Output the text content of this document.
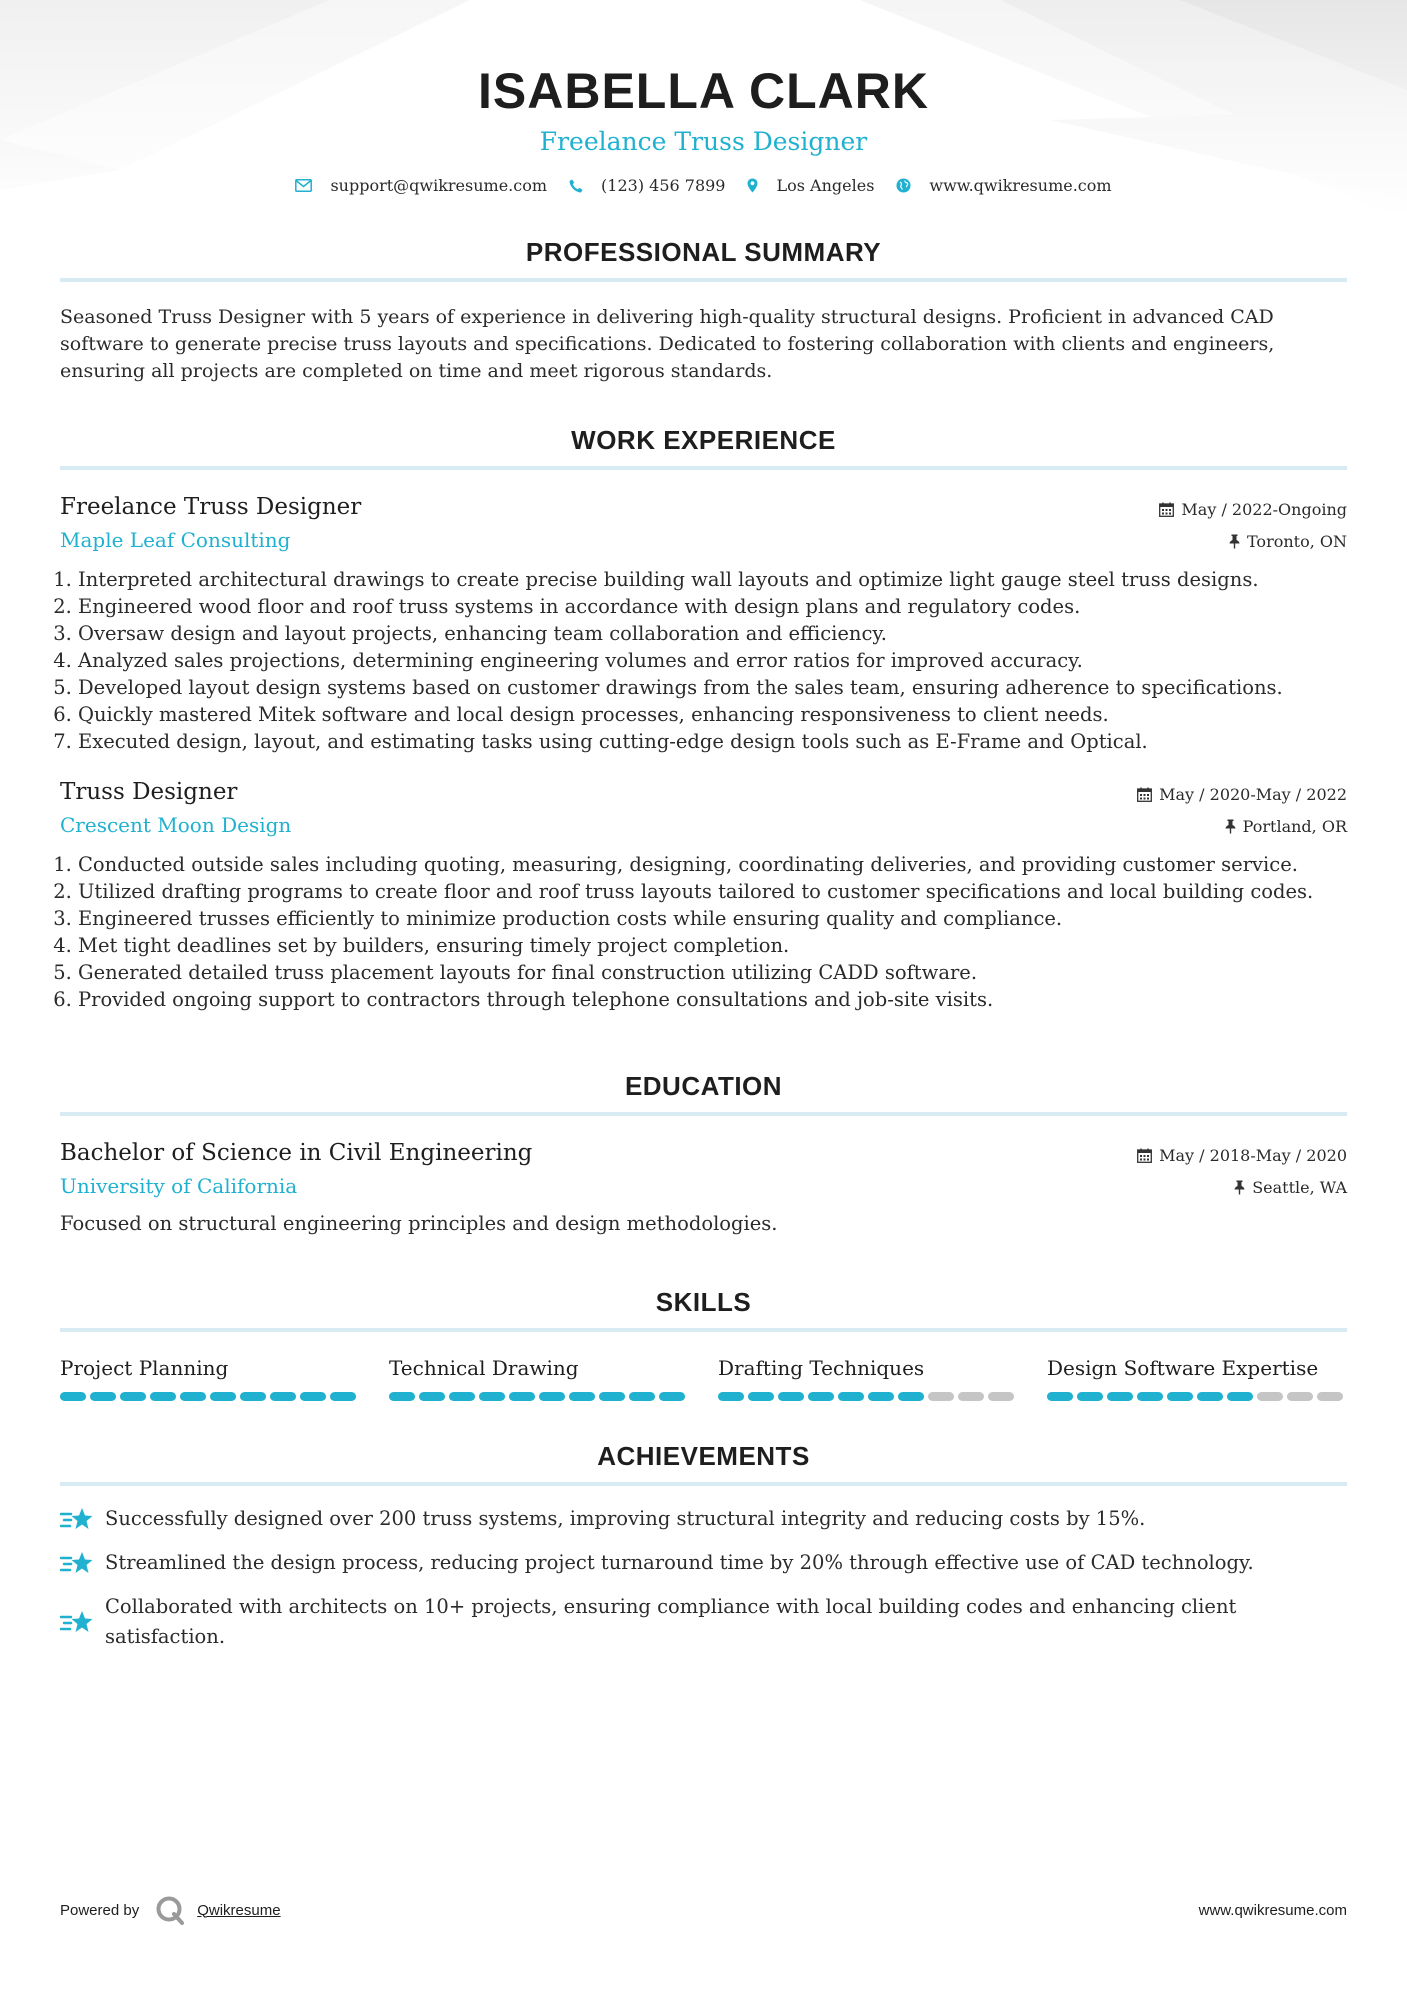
ISABELLA CLARK
Freelance Truss Designer
support@qwikresume.com	(123) 456 7899	Los Angeles	www.qwikresume.com
PROFESSIONAL SUMMARY

Seasoned Truss Designer with 5 years of experience in delivering high-quality structural designs. Proficient in advanced CAD software to generate precise truss layouts and specifications. Dedicated to fostering collaboration with clients and engineers, ensuring all projects are completed on time and meet rigorous standards.

WORK EXPERIENCE
Freelance Truss Designer
Maple Leaf Consulting
May / 2022-Ongoing
Toronto, ON
1. Interpreted architectural drawings to create precise building wall layouts and optimize light gauge steel truss designs.
2. Engineered wood floor and roof truss systems in accordance with design plans and regulatory codes.
3. Oversaw design and layout projects, enhancing team collaboration and efficiency.
4. Analyzed sales projections, determining engineering volumes and error ratios for improved accuracy.
5. Developed layout design systems based on customer drawings from the sales team, ensuring adherence to specifications.
6. Quickly mastered Mitek software and local design processes, enhancing responsiveness to client needs.
7. Executed design, layout, and estimating tasks using cutting-edge design tools such as E-Frame and Optical.
Truss Designer
Crescent Moon Design
May / 2020-May / 2022
Portland, OR
1. Conducted outside sales including quoting, measuring, designing, coordinating deliveries, and providing customer service.
2. Utilized drafting programs to create floor and roof truss layouts tailored to customer specifications and local building codes.
3. Engineered trusses efficiently to minimize production costs while ensuring quality and compliance.
4. Met tight deadlines set by builders, ensuring timely project completion.
5. Generated detailed truss placement layouts for final construction utilizing CADD software.
6. Provided ongoing support to contractors through telephone consultations and job-site visits.
EDUCATION
Bachelor of Science in Civil Engineering
University of California
May / 2018-May / 2020
Seattle, WA

Focused on structural engineering principles and design methodologies.

SKILLS
Project Planning	Technical Drawing	Drafting Techniques	Design Software Expertise
ACHIEVEMENTS
Successfully designed over 200 truss systems, improving structural integrity and reducing costs by 15%.
Streamlined the design process, reducing project turnaround time by 20% through effective use of CAD technology.
Collaborated with architects on 10+ projects, ensuring compliance with local building codes and enhancing client satisfaction.
Powered by	Qwikresume	www.qwikresume.com
